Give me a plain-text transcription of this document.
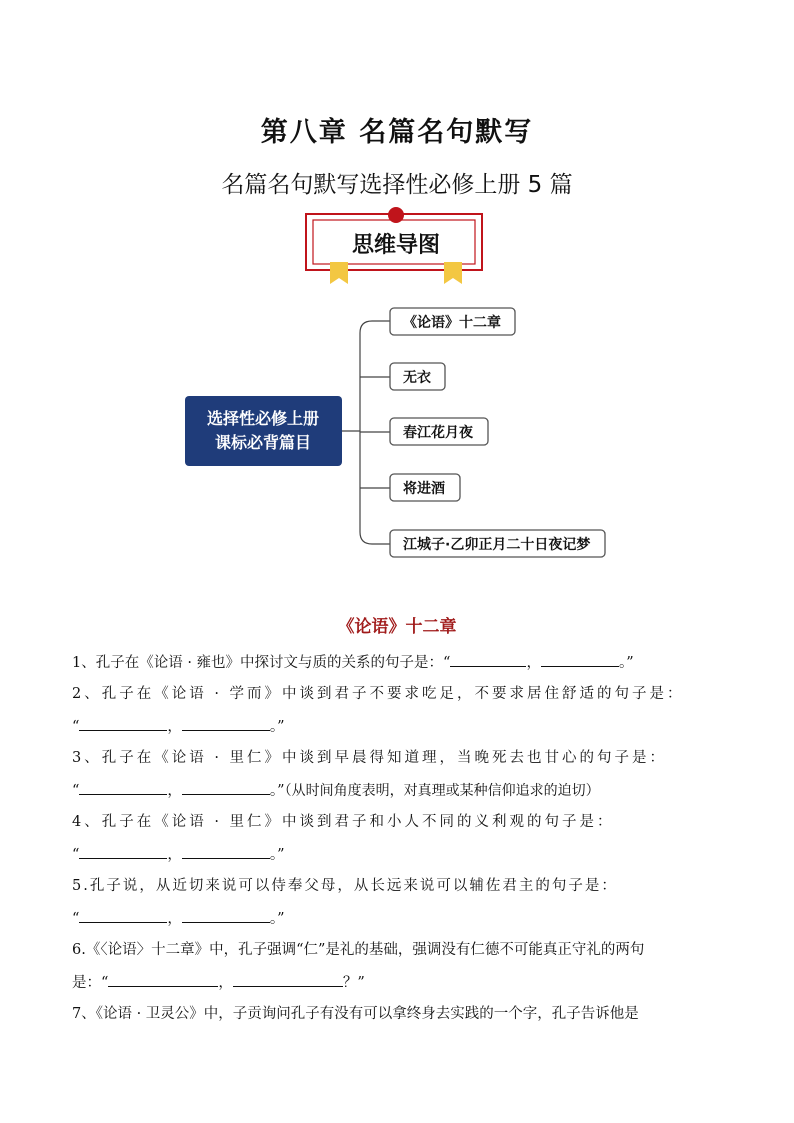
第八章 名篇名句默写
名篇名句默写选择性必修上册 5 篇
思维导图
选择性必修上册
课标必背篇目
《论语》十二章
无衣
春江花月夜
将进酒
江城子·乙卯正月二十日夜记梦
《论语》十二章
1、孔子在《论语 · 雍也》中探讨文与质的关系的句子是：“	，	。”
2、孔子在《论语 · 学而》中谈到君子不要求吃足，不要求居住舒适的句子是：
“	，	。”
3、孔子在《论语 · 里仁》中谈到早晨得知道理，当晚死去也甘心的句子是：
“	，	。”（从时间角度表明，对真理或某种信仰追求的迫切）
4、孔子在《论语 · 里仁》中谈到君子和小人不同的义利观的句子是：
“	，	。”
5.孔子说，从近切来说可以侍奉父母，从长远来说可以辅佐君主的句子是：
“	，	。”
6.《〈论语〉十二章》中，孔子强调“仁”是礼的基础，强调没有仁德不可能真正守礼的两句
是：“	，	？”
7、《论语 · 卫灵公》中，子贡询问孔子有没有可以拿终身去实践的一个字，孔子告诉他是
